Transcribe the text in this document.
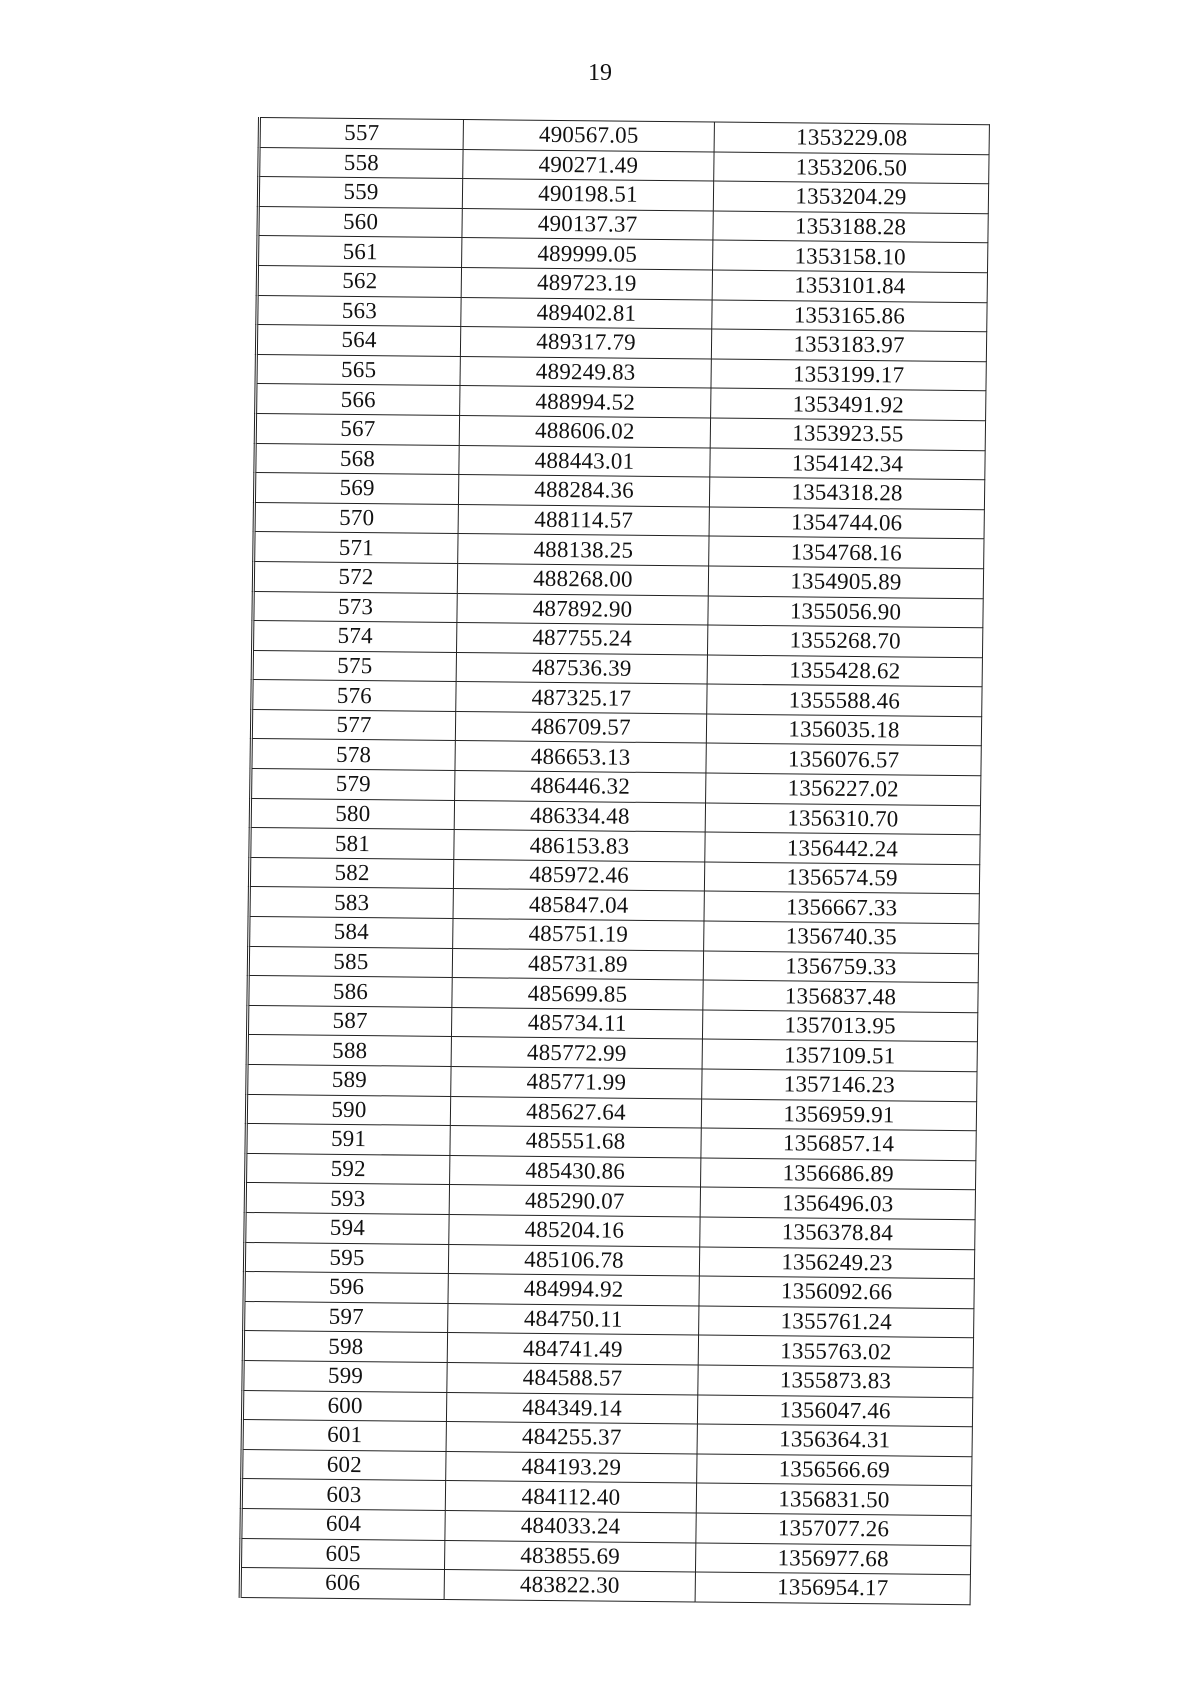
19
557	490567.05	1353229.08
558	490271.49	1353206.50
559	490198.51	1353204.29
560	490137.37	1353188.28
561	489999.05	1353158.10
562	489723.19	1353101.84
563	489402.81	1353165.86
564	489317.79	1353183.97
565	489249.83	1353199.17
566	488994.52	1353491.92
567	488606.02	1353923.55
568	488443.01	1354142.34
569	488284.36	1354318.28
570	488114.57	1354744.06
571	488138.25	1354768.16
572	488268.00	1354905.89
573	487892.90	1355056.90
574	487755.24	1355268.70
575	487536.39	1355428.62
576	487325.17	1355588.46
577	486709.57	1356035.18
578	486653.13	1356076.57
579	486446.32	1356227.02
580	486334.48	1356310.70
581	486153.83	1356442.24
582	485972.46	1356574.59
583	485847.04	1356667.33
584	485751.19	1356740.35
585	485731.89	1356759.33
586	485699.85	1356837.48
587	485734.11	1357013.95
588	485772.99	1357109.51
589	485771.99	1357146.23
590	485627.64	1356959.91
591	485551.68	1356857.14
592	485430.86	1356686.89
593	485290.07	1356496.03
594	485204.16	1356378.84
595	485106.78	1356249.23
596	484994.92	1356092.66
597	484750.11	1355761.24
598	484741.49	1355763.02
599	484588.57	1355873.83
600	484349.14	1356047.46
601	484255.37	1356364.31
602	484193.29	1356566.69
603	484112.40	1356831.50
604	484033.24	1357077.26
605	483855.69	1356977.68
606	483822.30	1356954.17
